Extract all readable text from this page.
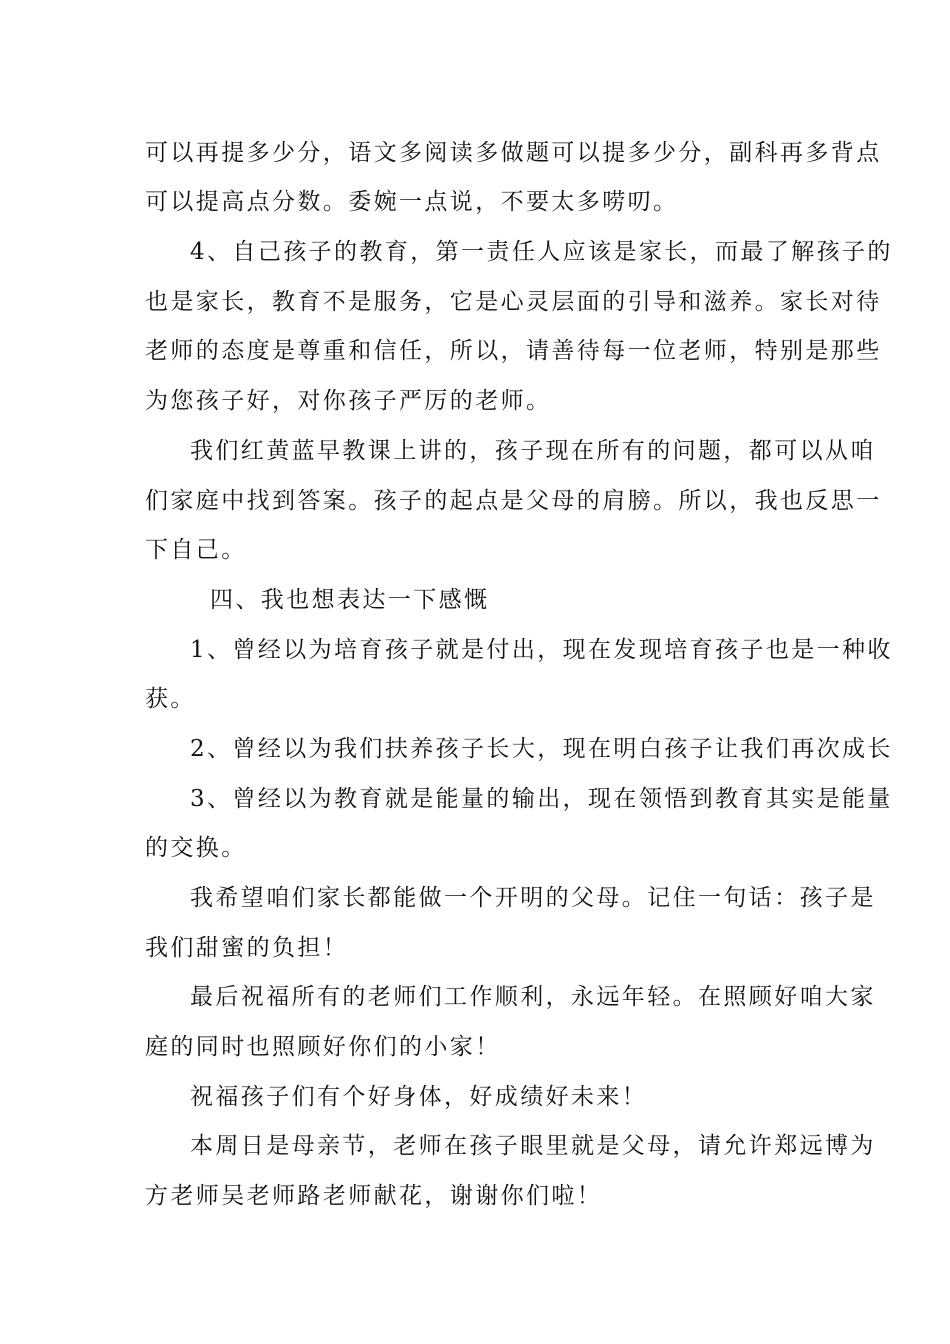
可以再提多少分，语文多阅读多做题可以提多少分，副科再多背点
可以提高点分数。委婉一点说，不要太多唠叨。
4、自己孩子的教育，第一责任人应该是家长，而最了解孩子的
也是家长，教育不是服务，它是心灵层面的引导和滋养。家长对待
老师的态度是尊重和信任，所以，请善待每一位老师，特别是那些
为您孩子好，对你孩子严厉的老师。
我们红黄蓝早教课上讲的，孩子现在所有的问题，都可以从咱
们家庭中找到答案。孩子的起点是父母的肩膀。所以，我也反思一
下自己。
四、我也想表达一下感慨
1、曾经以为培育孩子就是付出，现在发现培育孩子也是一种收
获。
2、曾经以为我们扶养孩子长大，现在明白孩子让我们再次成长
3、曾经以为教育就是能量的输出，现在领悟到教育其实是能量
的交换。
我希望咱们家长都能做一个开明的父母。记住一句话：孩子是
我们甜蜜的负担！
最后祝福所有的老师们工作顺利，永远年轻。在照顾好咱大家
庭的同时也照顾好你们的小家！
祝福孩子们有个好身体，好成绩好未来！
本周日是母亲节，老师在孩子眼里就是父母，请允许郑远博为
方老师吴老师路老师献花，谢谢你们啦！
